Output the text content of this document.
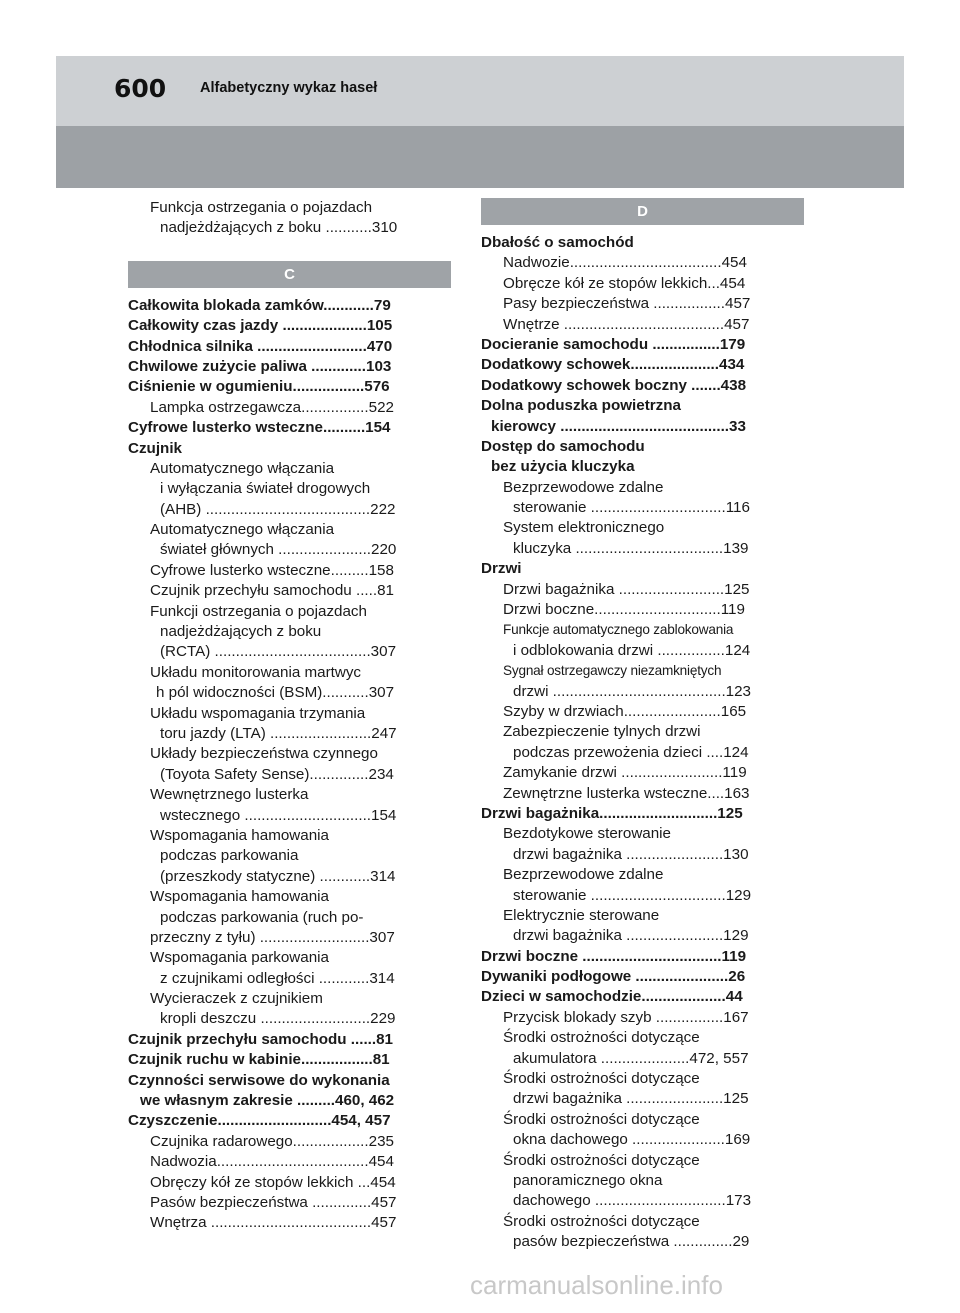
600 Alfabetyczny wykaz haseł
Funkcja ostrzegania o pojazdach
nadjeżdżających z boku ...........310
C
Całkowita blokada zamków............79
Całkowity czas jazdy ....................105
Chłodnica silnika ..........................470
Chwilowe zużycie paliwa .............103
Ciśnienie w ogumieniu.................576
Lampka ostrzegawcza................522
Cyfrowe lusterko wsteczne..........154
Czujnik
Automatycznego włączania
i wyłączania świateł drogowych
(AHB) .......................................222
Automatycznego włączania
świateł głównych ......................220
Cyfrowe lusterko wsteczne.........158
Czujnik przechyłu samochodu .....81
Funkcji ostrzegania o pojazdach
nadjeżdżających z boku
(RCTA) .....................................307
Układu monitorowania martwyc
h pól widoczności (BSM)...........307
Układu wspomagania trzymania
toru jazdy (LTA) ........................247
Układy bezpieczeństwa czynnego
(Toyota Safety Sense)..............234
Wewnętrznego lusterka
wstecznego ..............................154
Wspomagania hamowania
podczas parkowania
(przeszkody statyczne) ............314
Wspomagania hamowania
podczas parkowania (ruch po-
przeczny z tyłu) ..........................307
Wspomagania parkowania
z czujnikami odległości ............314
Wycieraczek z czujnikiem
kropli deszczu ..........................229
Czujnik przechyłu samochodu ......81
Czujnik ruchu w kabinie.................81
Czynności serwisowe do wykonania
we własnym zakresie .........460, 462
Czyszczenie...........................454, 457
Czujnika radarowego..................235
Nadwozia....................................454
Obręczy kół ze stopów lekkich ...454
Pasów bezpieczeństwa ..............457
Wnętrza ......................................457
D
Dbałość o samochód
Nadwozie....................................454
Obręcze kół ze stopów lekkich...454
Pasy bezpieczeństwa .................457
Wnętrze ......................................457
Docieranie samochodu ................179
Dodatkowy schowek.....................434
Dodatkowy schowek boczny .......438
Dolna poduszka powietrzna
kierowcy ........................................33
Dostęp do samochodu
bez użycia kluczyka
Bezprzewodowe zdalne
sterowanie ................................116
System elektronicznego
kluczyka ...................................139
Drzwi
Drzwi bagażnika .........................125
Drzwi boczne..............................119
Funkcje automatycznego zablokowania
i odblokowania drzwi ................124
Sygnał ostrzegawczy niezamkniętych
drzwi .........................................123
Szyby w drzwiach.......................165
Zabezpieczenie tylnych drzwi
podczas przewożenia dzieci ....124
Zamykanie drzwi ........................119
Zewnętrzne lusterka wsteczne....163
Drzwi bagażnika............................125
Bezdotykowe sterowanie
drzwi bagażnika .......................130
Bezprzewodowe zdalne
sterowanie ................................129
Elektrycznie sterowane
drzwi bagażnika .......................129
Drzwi boczne .................................119
Dywaniki podłogowe ......................26
Dzieci w samochodzie....................44
Przycisk blokady szyb ................167
Środki ostrożności dotyczące
akumulatora .....................472, 557
Środki ostrożności dotyczące
drzwi bagażnika .......................125
Środki ostrożności dotyczące
okna dachowego ......................169
Środki ostrożności dotyczące
panoramicznego okna
dachowego ...............................173
Środki ostrożności dotyczące
pasów bezpieczeństwa ..............29
carmanualsonline.info
